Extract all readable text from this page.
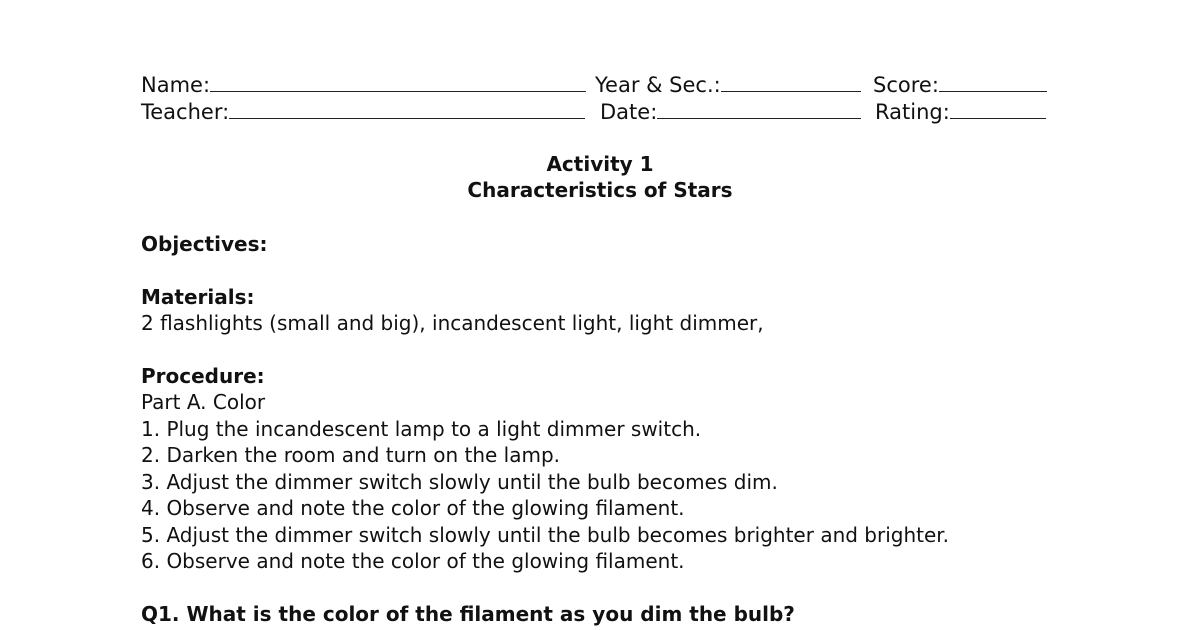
Name:	Year & Sec.:	Score:
Teacher:	Date:	Rating:
Activity 1
Characteristics of Stars
Objectives:
Materials:
2 flashlights (small and big), incandescent light, light dimmer,
Procedure:
Part A. Color
1. Plug the incandescent lamp to a light dimmer switch.
2. Darken the room and turn on the lamp.
3. Adjust the dimmer switch slowly until the bulb becomes dim.
4. Observe and note the color of the glowing filament.
5. Adjust the dimmer switch slowly until the bulb becomes brighter and brighter.
6. Observe and note the color of the glowing filament.
Q1. What is the color of the filament as you dim the bulb?
